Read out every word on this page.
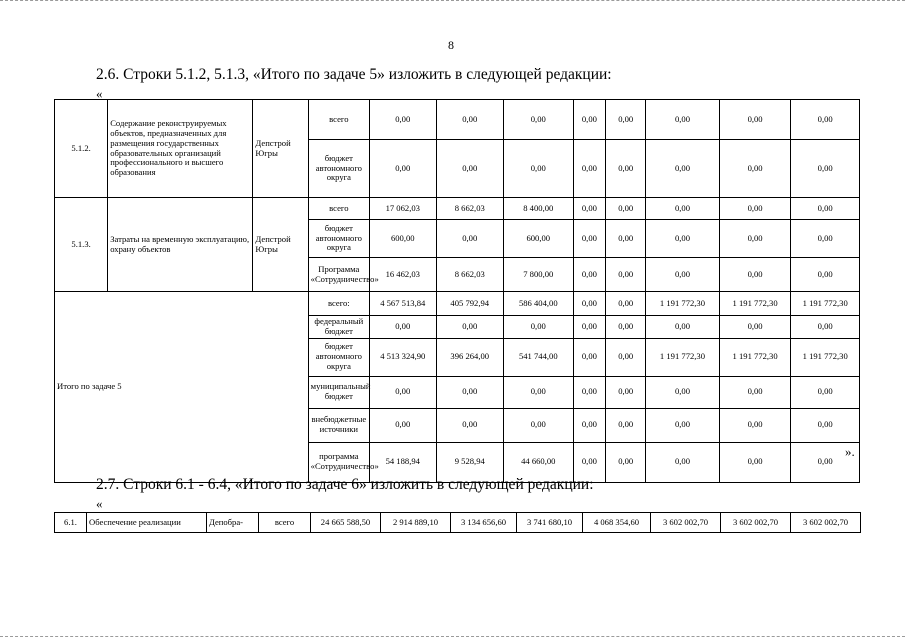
8
2.6. Строки 5.1.2, 5.1.3, «Итого по задаче 5» изложить в следующей редакции:
«
5.1.2.	Содержание реконструируемых объектов, предназначенных для размещения государственных образовательных организаций профессионального и высшего образования	Депстрой Югры	всего	0,00	0,00	0,00	0,00	0,00	0,00	0,00	0,00
			бюджет автономного округа	0,00	0,00	0,00	0,00	0,00	0,00	0,00	0,00
5.1.3.	Затраты на временную эксплуатацию, охрану объектов	Депстрой Югры	всего	17 062,03	8 662,03	8 400,00	0,00	0,00	0,00	0,00	0,00
			бюджет автономного округа	600,00	0,00	600,00	0,00	0,00	0,00	0,00	0,00
			Программа «Сотрудничество»	16 462,03	8 662,03	7 800,00	0,00	0,00	0,00	0,00	0,00
Итого по задаче 5			всего:	4 567 513,84	405 792,94	586 404,00	0,00	0,00	1 191 772,30	1 191 772,30	1 191 772,30
			федеральный бюджет	0,00	0,00	0,00	0,00	0,00	0,00	0,00	0,00
			бюджет автономного округа	4 513 324,90	396 264,00	541 744,00	0,00	0,00	1 191 772,30	1 191 772,30	1 191 772,30
			муниципальный бюджет	0,00	0,00	0,00	0,00	0,00	0,00	0,00	0,00
			внебюджетные источники	0,00	0,00	0,00	0,00	0,00	0,00	0,00	0,00
			программа «Сотрудничество»	54 188,94	9 528,94	44 660,00	0,00	0,00	0,00	0,00	0,00
».
2.7. Строки 6.1 - 6.4, «Итого по задаче 6» изложить в следующей редакции:
«
6.1.	Обеспечение реализации	Депобра-	всего	24 665 588,50	2 914 889,10	3 134 656,60	3 741 680,10	4 068 354,60	3 602 002,70	3 602 002,70	3 602 002,70
